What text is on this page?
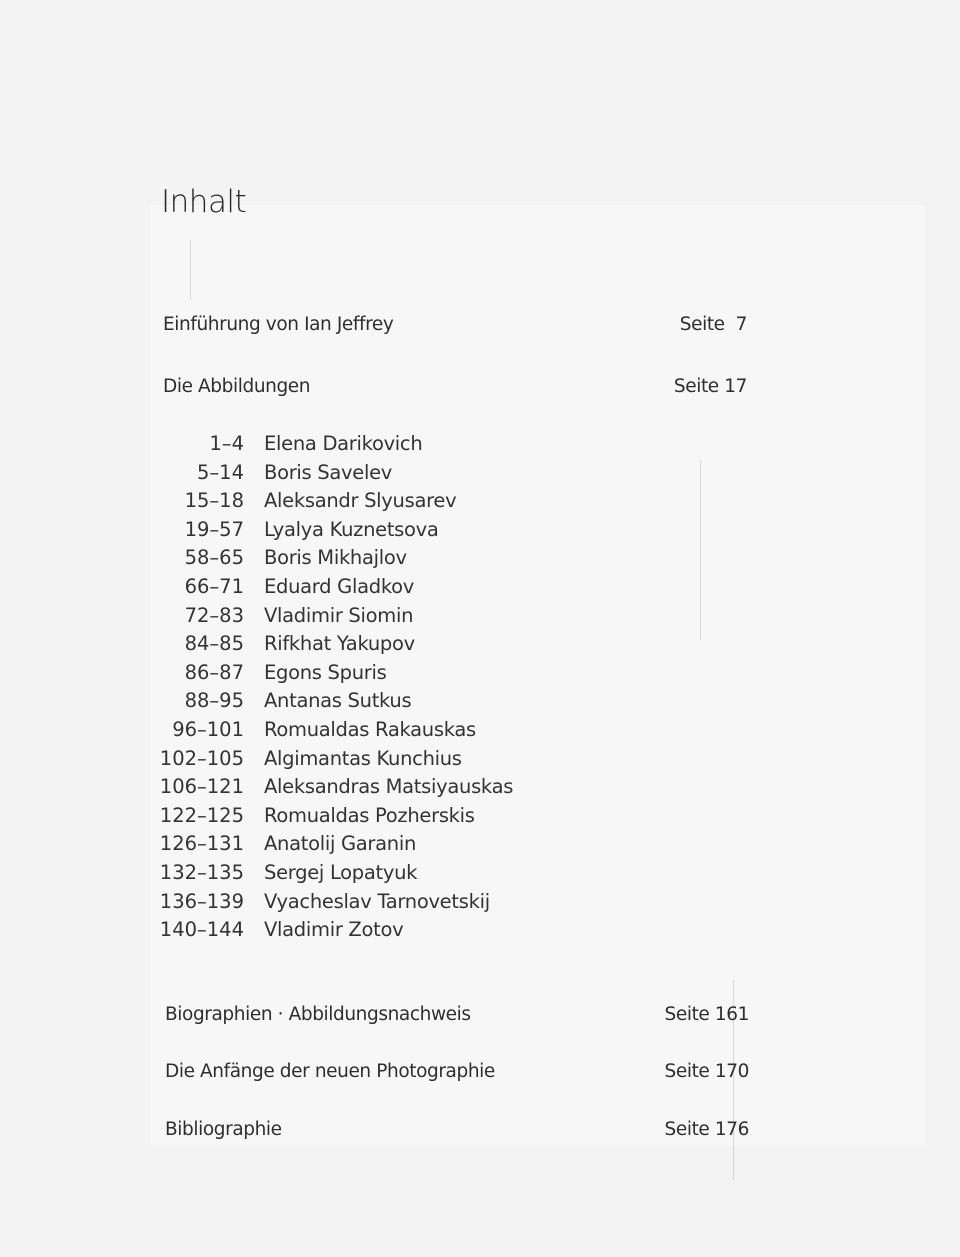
Inhalt
Einführung von Ian Jeffrey	Seite  7
Die Abbildungen	Seite 17
1–4 Elena Darikovich
5–14 Boris Savelev
15–18 Aleksandr Slyusarev
19–57 Lyalya Kuznetsova
58–65 Boris Mikhajlov
66–71 Eduard Gladkov
72–83 Vladimir Siomin
84–85 Rifkhat Yakupov
86–87 Egons Spuris
88–95 Antanas Sutkus
96–101 Romualdas Rakauskas
102–105 Algimantas Kunchius
106–121 Aleksandras Matsiyauskas
122–125 Romualdas Pozherskis
126–131 Anatolij Garanin
132–135 Sergej Lopatyuk
136–139 Vyacheslav Tarnovetskij
140–144 Vladimir Zotov
Biographien · Abbildungsnachweis	Seite 161
Die Anfänge der neuen Photographie	Seite 170
Bibliographie	Seite 176
